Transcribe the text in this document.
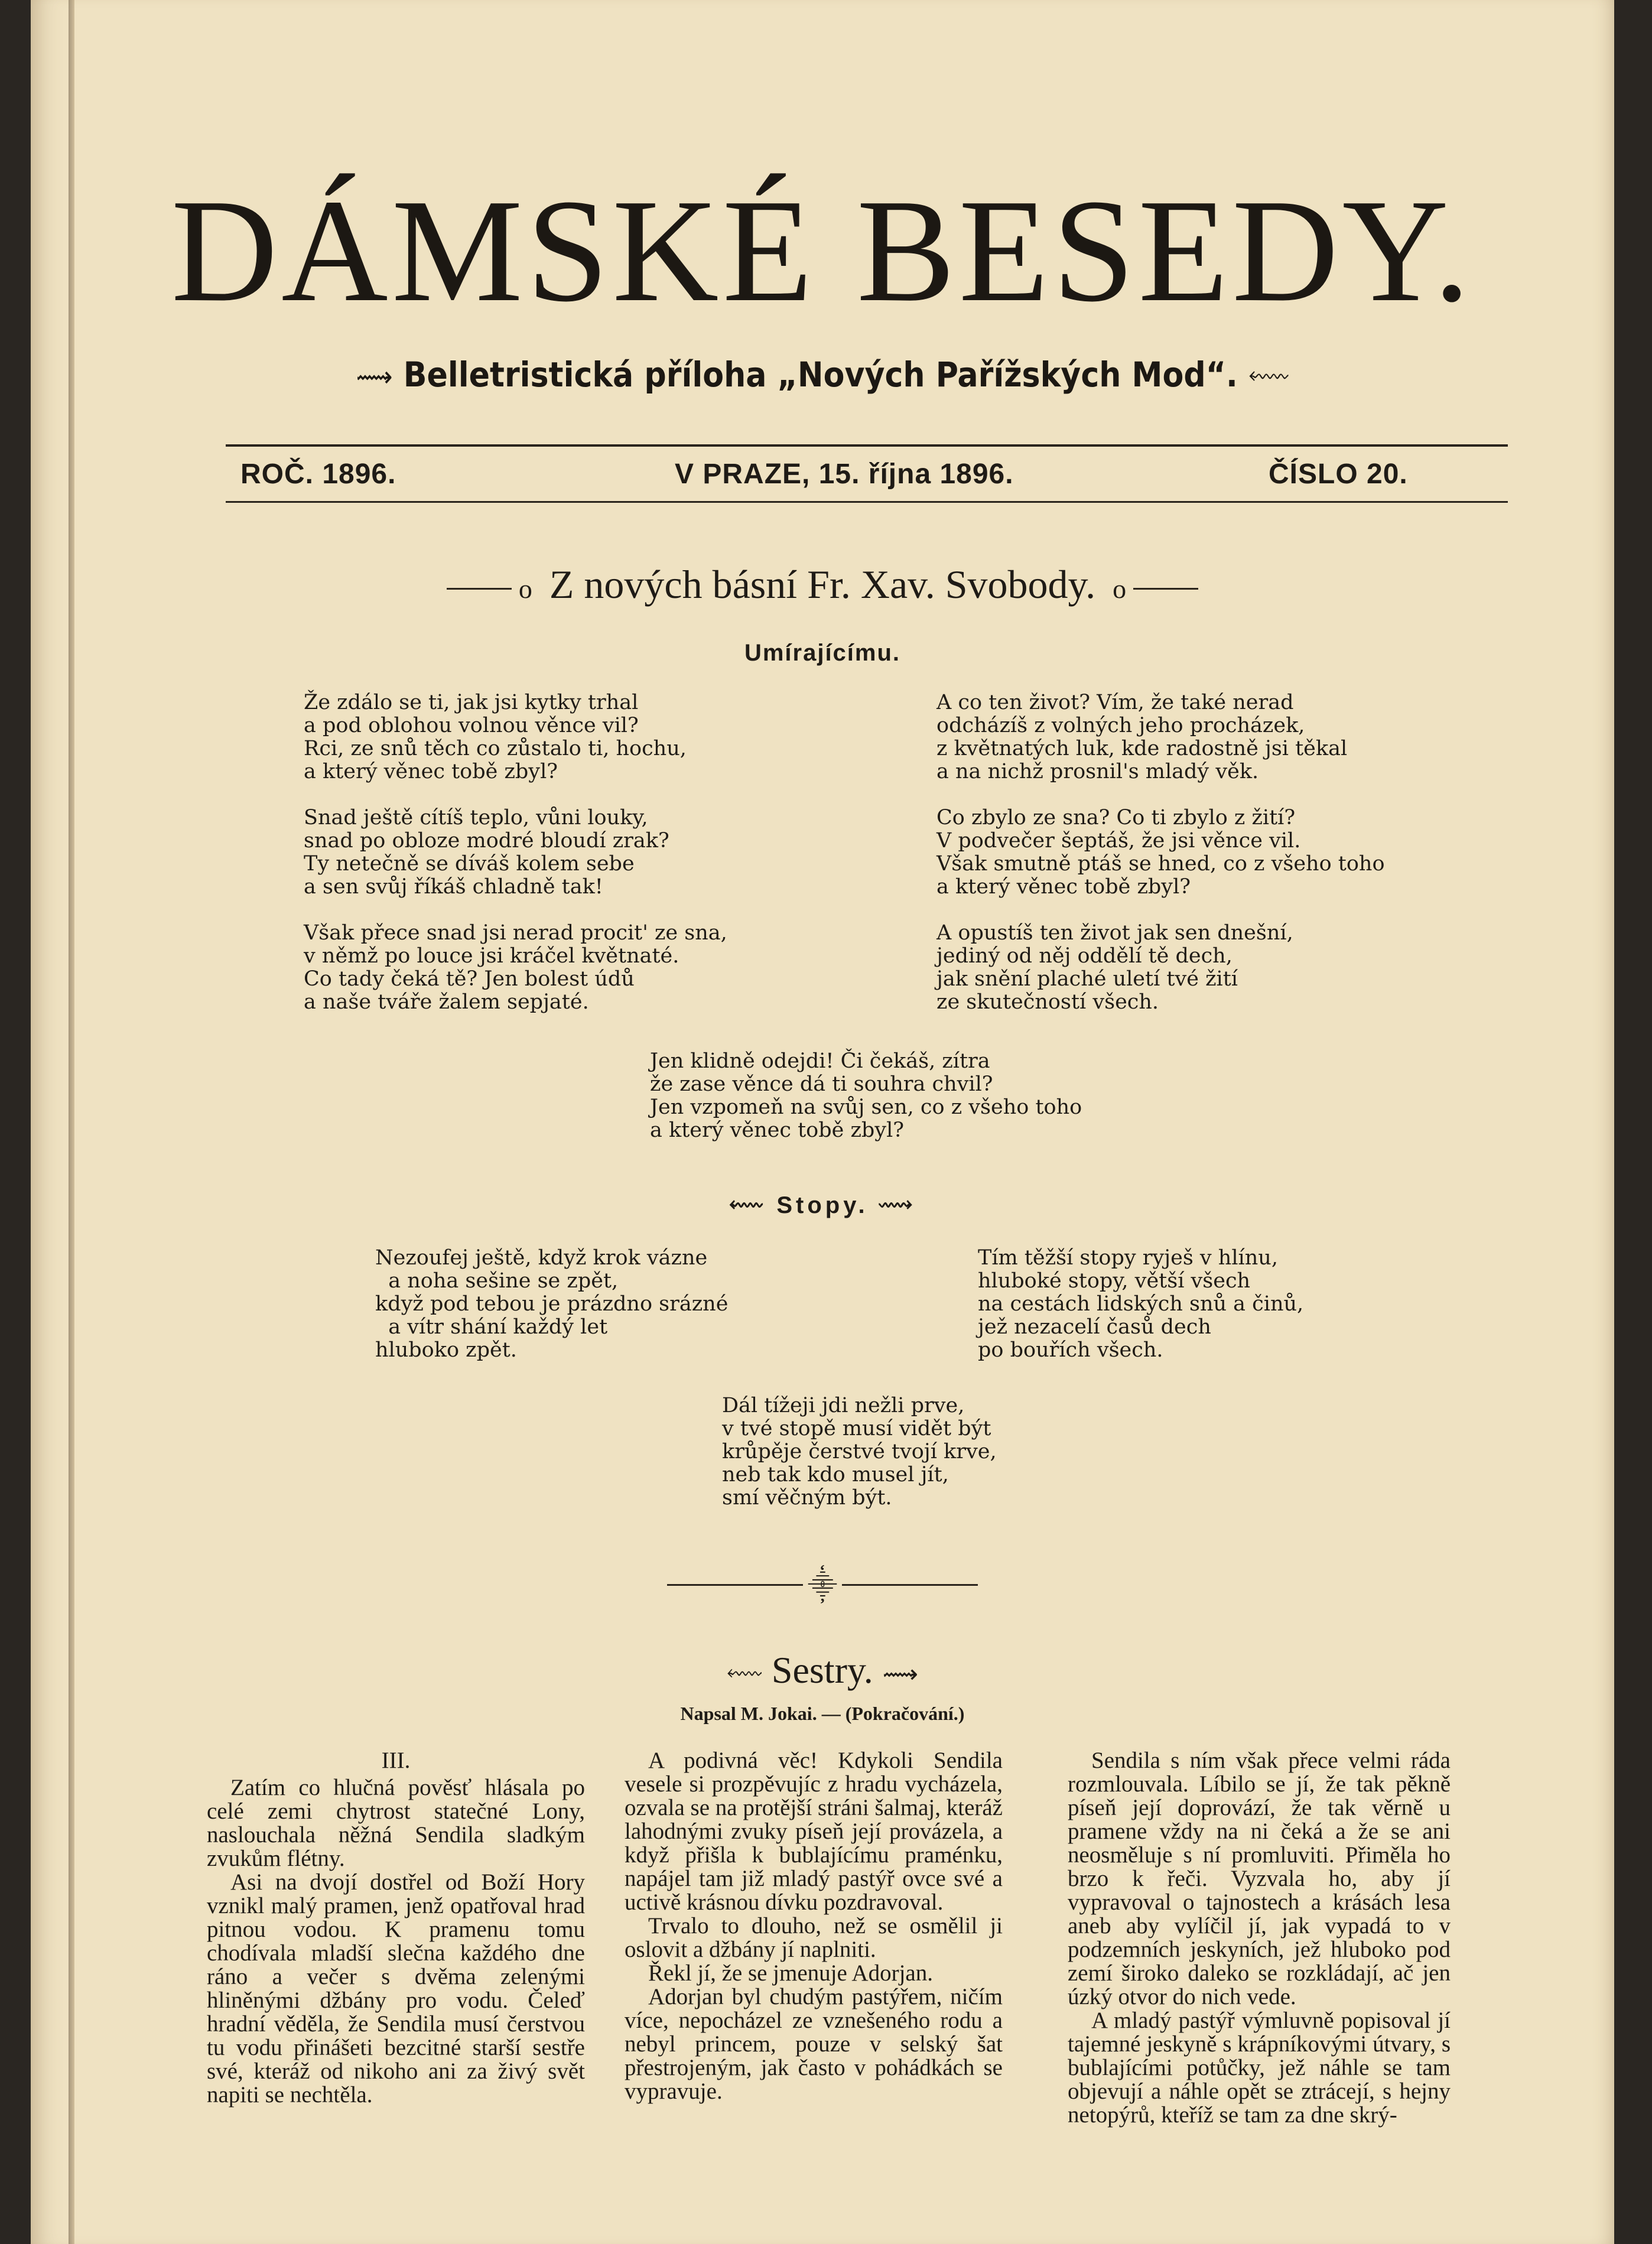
DÁMSKÉ BESEDY.
⟿ Belletristická příloha „Nových Pařížských Mod“. ⬳
ROČ. 1896.	V PRAZE, 15. října 1896.	ČÍSLO 20.
o Z nových básní Fr. Xav. Svobody. o
Umírajícímu.
Že zdálo se ti, jak jsi kytky trhal
a pod oblohou volnou věnce vil?
Rci, ze snů těch co zůstalo ti, hochu,
a který věnec tobě zbyl?
Snad ještě cítíš teplo, vůni louky,
snad po obloze modré bloudí zrak?
Ty netečně se díváš kolem sebe
a sen svůj říkáš chladně tak!
Však přece snad jsi nerad procit' ze sna,
v němž po louce jsi kráčel květnaté.
Co tady čeká tě? Jen bolest údů
a naše tváře žalem sepjaté.
A co ten život? Vím, že také nerad
odcházíš z volných jeho procházek,
z květnatých luk, kde radostně jsi těkal
a na nichž prosnil's mladý věk.
Co zbylo ze sna? Co ti zbylo z žití?
V podvečer šeptáš, že jsi věnce vil.
Však smutně ptáš se hned, co z všeho toho
a který věnec tobě zbyl?
A opustíš ten život jak sen dnešní,
jediný od něj oddělí tě dech,
jak snění plaché uletí tvé žití
ze skutečností všech.
Jen klidně odejdi! Či čekáš, zítra
že zase věnce dá ti souhra chvil?
Jen vzpomeň na svůj sen, co z všeho toho
a který věnec tobě zbyl?
⬳ Stopy. ⟿
Nezoufej ještě, když krok vázne
a noha sešine se zpět,
když pod tebou je prázdno srázné
a vítr shání každý let
hluboko zpět.
Tím těžší stopy ryješ v hlínu,
hluboké stopy, větší všech
na cestách lidských snů a činů,
jež nezacelí časů dech
po bouřích všech.
Dál tížeji jdi nežli prve,
v tvé stopě musí vidět být
krůpěje čerstvé tvojí krve,
neb tak kdo musel jít,
smí věčným být.
⸎
⬳ Sestry. ⟿
Napsal M. Jokai. — (Pokračování.)
III.

Zatím co hlučná pověsť hlásala po celé zemi chytrost statečné Lony, naslouchala něžná Sendila sladkým zvukům flétny.

Asi na dvojí dostřel od Boží Hory vznikl malý pramen, jenž opatřoval hrad pitnou vodou. K pramenu tomu chodívala mladší slečna každého dne ráno a večer s dvěma zelenými hliněnými džbány pro vodu. Čeleď hradní věděla, že Sendila musí čerstvou tu vodu přinášeti bezcitné starší sestře své, kteráž od nikoho ani za živý svět napiti se nechtěla.

A podivná věc! Kdykoli Sendila vesele si prozpěvujíc z hradu vycházela, ozvala se na protější stráni šalmaj, kteráž lahodnými zvuky píseň její provázela, a když přišla k bublajícímu praménku, napájel tam již mladý pastýř ovce své a uctivě krásnou dívku pozdravoval.

Trvalo to dlouho, než se osmělil ji oslovit a džbány jí naplniti.

Řekl jí, že se jmenuje Adorjan.

Adorjan byl chudým pastýřem, ničím více, nepocházel ze vznešeného rodu a nebyl princem, pouze v selský šat přestrojeným, jak často v pohádkách se vypravuje.

Sendila s ním však přece velmi ráda rozmlouvala. Líbilo se jí, že tak pěkně píseň její doprovází, že tak věrně u pramene vždy na ni čeká a že se ani neosměluje s ní promluviti. Přiměla ho brzo k řeči. Vyzvala ho, aby jí vypravoval o tajnostech a krásách lesa aneb aby vylíčil jí, jak vypadá to v podzemních jeskyních, jež hluboko pod zemí široko daleko se rozkládají, ač jen úzký otvor do nich vede.

A mladý pastýř výmluvně popisoval jí tajemné jeskyně s krápníkovými útvary, s bublajícími potůčky, jež náhle se tam objevují a náhle opět se ztrácejí, s hejny netopýrů, kteříž se tam za dne skrý-
